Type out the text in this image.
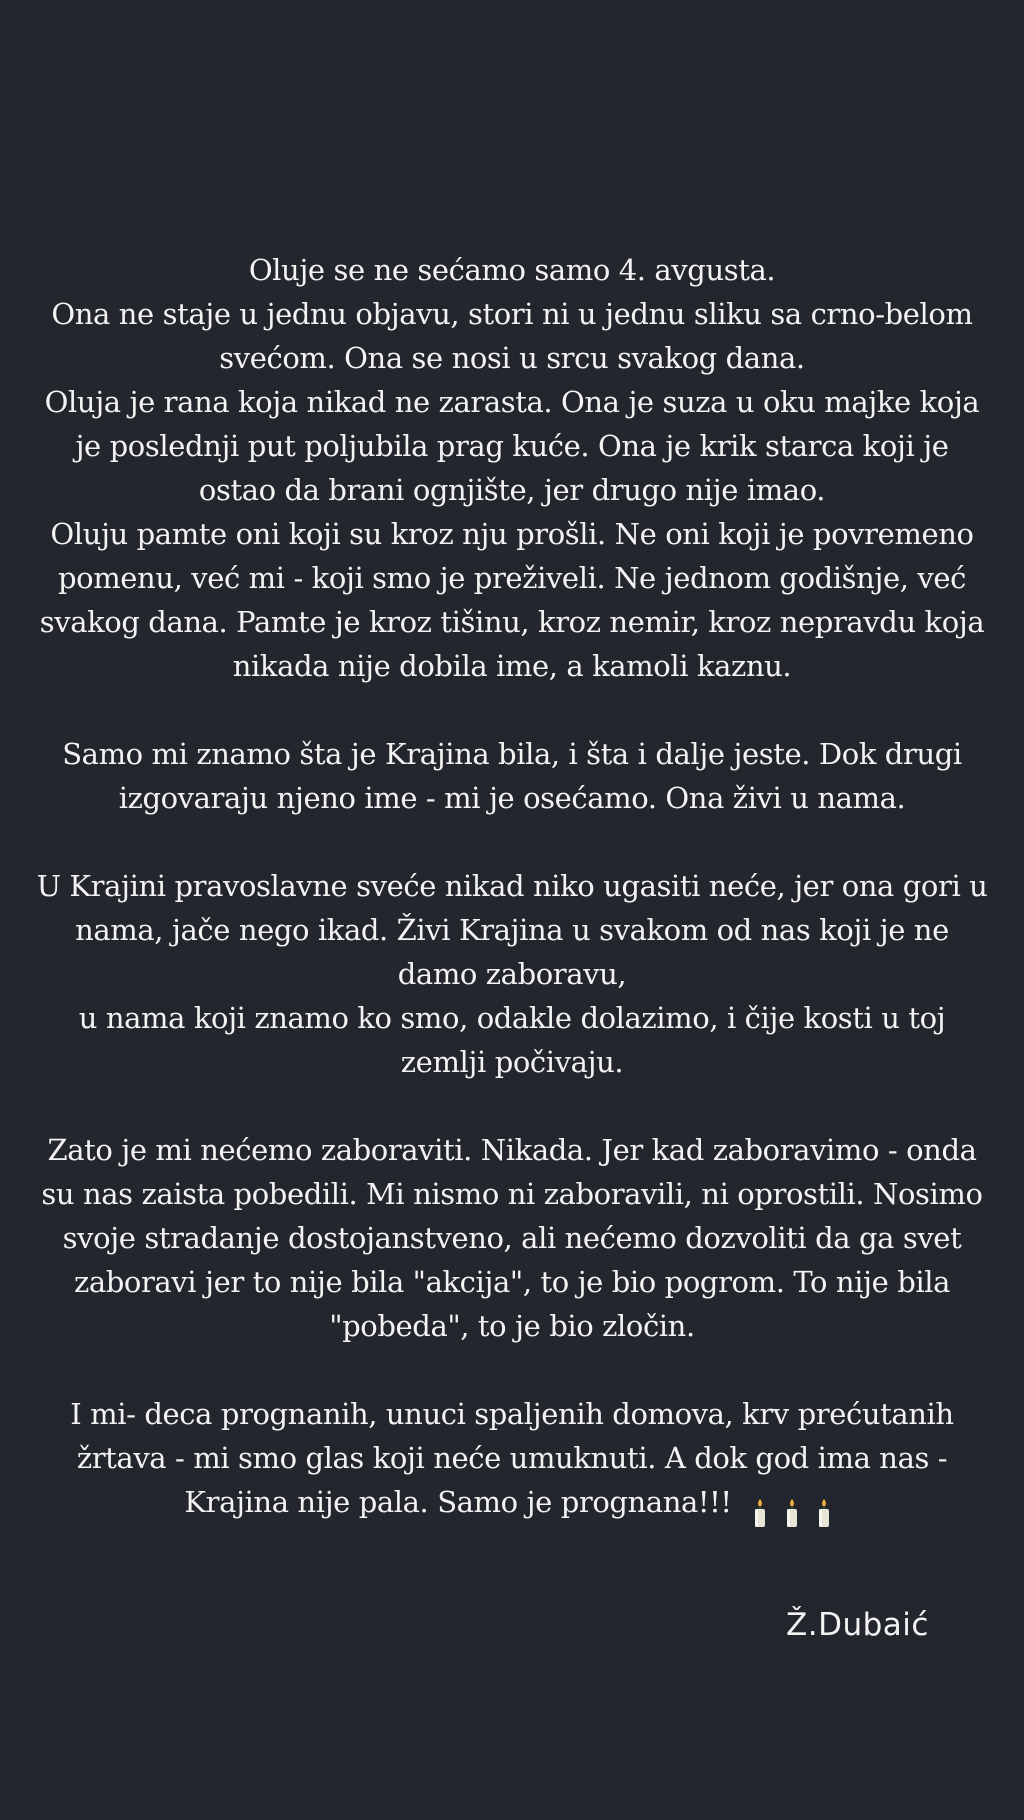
Oluje se ne sećamo samo 4. avgusta.
Ona ne staje u jednu objavu, stori ni u jednu sliku sa crno-belom
svećom. Ona se nosi u srcu svakog dana.
Oluja je rana koja nikad ne zarasta. Ona je suza u oku majke koja
je poslednji put poljubila prag kuće. Ona je krik starca koji je
ostao da brani ognjište, jer drugo nije imao.
Oluju pamte oni koji su kroz nju prošli. Ne oni koji je povremeno
pomenu, već mi - koji smo je preživeli. Ne jednom godišnje, već
svakog dana. Pamte je kroz tišinu, kroz nemir, kroz nepravdu koja
nikada nije dobila ime, a kamoli kaznu.
Samo mi znamo šta je Krajina bila, i šta i dalje jeste. Dok drugi
izgovaraju njeno ime - mi je osećamo. Ona živi u nama.
U Krajini pravoslavne sveće nikad niko ugasiti neće, jer ona gori u
nama, jače nego ikad. Živi Krajina u svakom od nas koji je ne
damo zaboravu,
u nama koji znamo ko smo, odakle dolazimo, i čije kosti u toj
zemlji počivaju.
Zato je mi nećemo zaboraviti. Nikada. Jer kad zaboravimo - onda
su nas zaista pobedili. Mi nismo ni zaboravili, ni oprostili. Nosimo
svoje stradanje dostojanstveno, ali nećemo dozvoliti da ga svet
zaboravi jer to nije bila "akcija", to je bio pogrom. To nije bila
"pobeda", to je bio zločin.
I mi- deca prognanih, unuci spaljenih domova, krv prećutanih
žrtava - mi smo glas koji neće umuknuti. A dok god ima nas -
Krajina nije pala. Samo je prognana!!!
Ž.Dubaić
